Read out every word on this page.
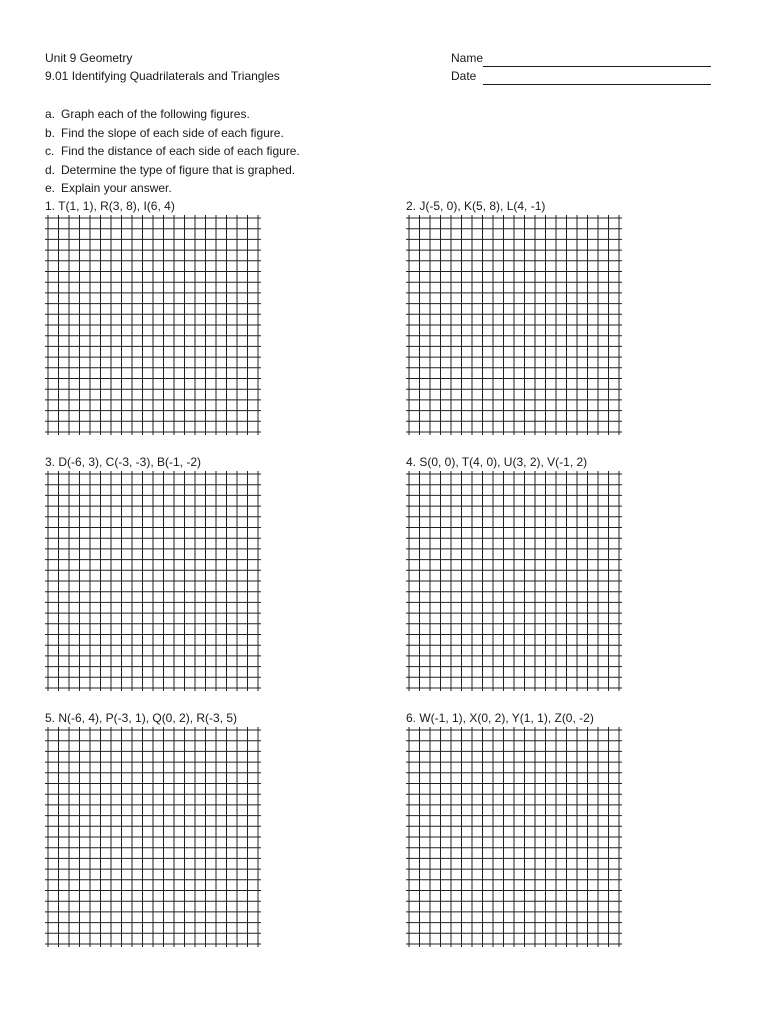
Unit 9 Geometry
9.01 Identifying Quadrilaterals and Triangles
Name
Date
a. Graph each of the following figures.
b. Find the slope of each side of each figure.
c. Find the distance of each side of each figure.
d. Determine the type of figure that is graphed.
e. Explain your answer.
1. T(1, 1), R(3, 8), I(6, 4)	2. J(-5, 0), K(5, 8), L(4, -1)
3. D(-6, 3), C(-3, -3), B(-1, -2)	4. S(0, 0), T(4, 0), U(3, 2), V(-1, 2)
5. N(-6, 4), P(-3, 1), Q(0, 2), R(-3, 5)	6. W(-1, 1), X(0, 2), Y(1, 1), Z(0, -2)
